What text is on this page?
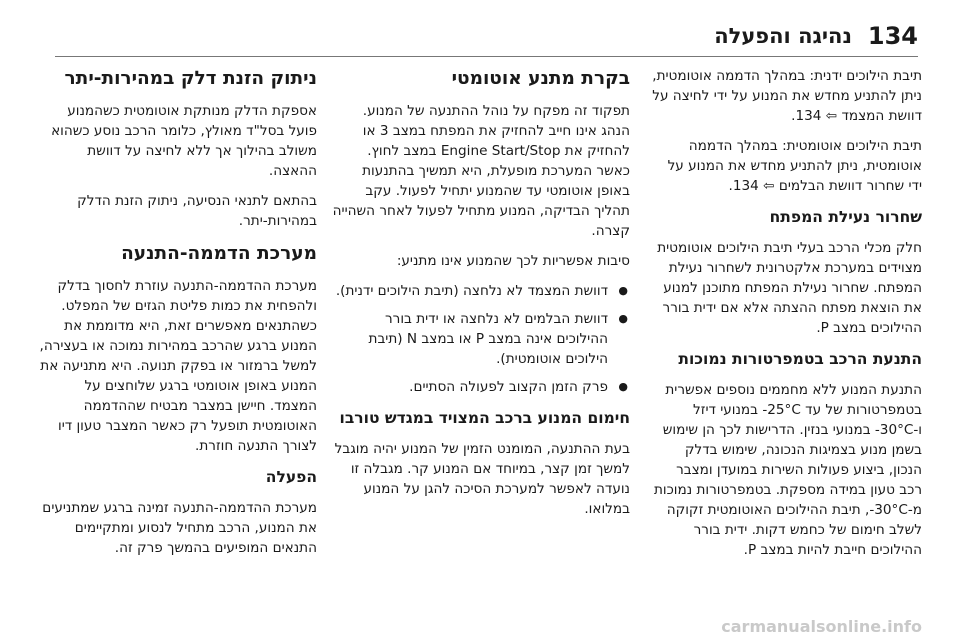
134
נהיגה והפעלה

תיבת הילוכים ידנית: במהלך הדממה אוטומטית, ניתן להתניע מחדש את המנוע על ידי לחיצה על דוושת המצמד ⇦ 134.

תיבת הילוכים אוטומטית: במהלך הדממה אוטומטית, ניתן להתניע מחדש את המנוע על ידי שחרור דוושת הבלמים ⇦ 134.

שחרור נעילת המפתח

חלק מכלי הרכב בעלי תיבת הילוכים אוטומטית מצוידים במערכת אלקטרונית לשחרור נעילת המפתח. שחרור נעילת המפתח מתוכנן למנוע את הוצאת מפתח ההצתה אלא אם ידית בורר ההילוכים במצב P.

התנעת הרכב בטמפרטורות נמוכות

התנעת המנוע ללא מחממים נוספים אפשרית בטמפרטורות של עד ‎-25°C במנועי דיזל ו-‎-30°C במנועי בנזין. הדרישות לכך הן שימוש בשמן מנוע בצמיגות הנכונה, שימוש בדלק הנכון, ביצוע פעולות השירות במועדן ומצבר רכב טעון במידה מספקת. בטמפרטורות נמוכות מ-‎-30°C, תיבת ההילוכים האוטומטית זקוקה לשלב חימום של כחמש דקות. ידית בורר ההילוכים חייבת להיות במצב P.

בקרת מתנע אוטומטי

תפקוד זה מפקח על נוהל ההתנעה של המנוע. הנהג אינו חייב להחזיק את המפתח במצב 3 או להחזיק את Engine Start/Stop במצב לחוץ. כאשר המערכת מופעלת, היא תמשיך בהתנעות באופן אוטומטי עד שהמנוע יתחיל לפעול. עקב תהליך הבדיקה, המנוע מתחיל לפעול לאחר השהייה קצרה.

סיבות אפשריות לכך שהמנוע אינו מתניע:

● דוושת המצמד לא נלחצה (תיבת הילוכים ידנית).
● דוושת הבלמים לא נלחצה או ידית בורר ההילוכים אינה במצב P או במצב N (תיבת הילוכים אוטומטית).
● פרק הזמן הקצוב לפעולה הסתיים.
חימום המנוע ברכב המצויד במגדש טורבו

בעת ההתנעה, המומנט הזמין של המנוע יהיה מוגבל למשך זמן קצר, במיוחד אם המנוע קר. מגבלה זו נועדה לאפשר למערכת הסיכה להגן על המנוע במלואו.

ניתוק הזנת דלק במהירות-יתר

אספקת הדלק מנותקת אוטומטית כשהמנוע פועל בסל"ד מאולץ, כלומר הרכב נוסע כשהוא משולב בהילוך אך ללא לחיצה על דוושת ההאצה.

בהתאם לתנאי הנסיעה, ניתוק הזנת הדלק במהירות-יתר.

מערכת הדממה-התנעה

מערכת ההדממה-התנעה עוזרת לחסוך בדלק ולהפחית את כמות פליטת הגזים של המפלט. כשהתנאים מאפשרים זאת, היא מדוממת את המנוע ברגע שהרכב במהירות נמוכה או בעצירה, למשל ברמזור או בפקק תנועה. היא מתניעה את המנוע באופן אוטומטי ברגע שלוחצים על המצמד. חיישן במצבר מבטיח שההדממה האוטומטית תופעל רק כאשר המצבר טעון דיו לצורך התנעה חוזרת.

הפעלה

מערכת ההדממה-התנעה זמינה ברגע שמתניעים את המנוע, הרכב מתחיל לנסוע ומתקיימים התנאים המופיעים בהמשך פרק זה.

carmanualsonline.info
